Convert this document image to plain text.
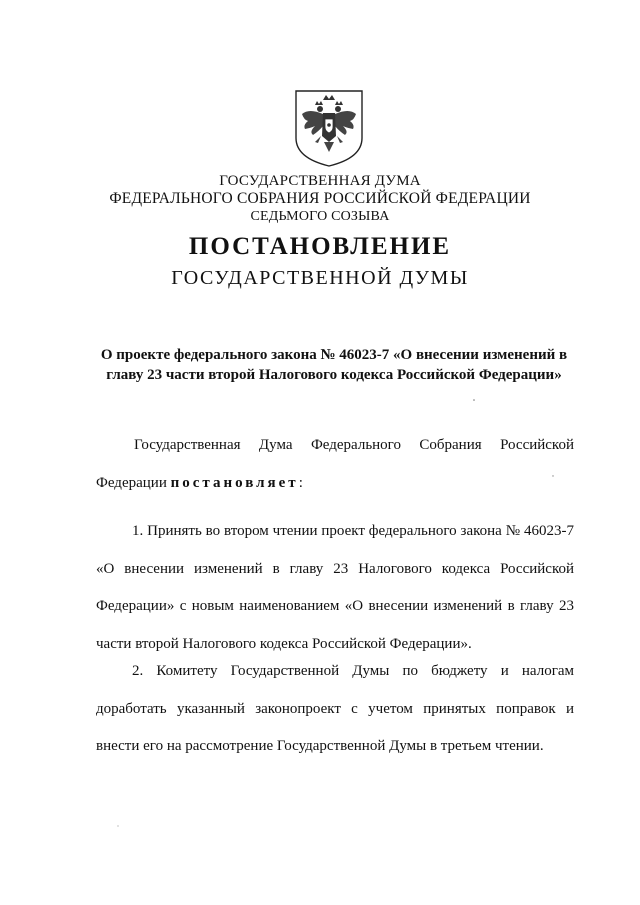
ГОСУДАРСТВЕННАЯ ДУМА
ФЕДЕРАЛЬНОГО СОБРАНИЯ РОССИЙСКОЙ ФЕДЕРАЦИИ
СЕДЬМОГО СОЗЫВА
ПОСТАНОВЛЕНИЕ
ГОСУДАРСТВЕННОЙ ДУМЫ
О проекте федерального закона № 46023-7 «О внесении изменений в главу 23 части второй Налогового кодекса Российской Федерации»
Государственная Дума Федерального Собрания Российской Федерации постановляет:
1. Принять во втором чтении проект федерального закона № 46023-7 «О внесении изменений в главу 23 Налогового кодекса Российской Федерации» с новым наименованием «О внесении изменений в главу 23 части второй Налогового кодекса Российской Федерации».
2. Комитету Государственной Думы по бюджету и налогам доработать указанный законопроект с учетом принятых поправок и внести его на рассмотрение Государственной Думы в третьем чтении.
